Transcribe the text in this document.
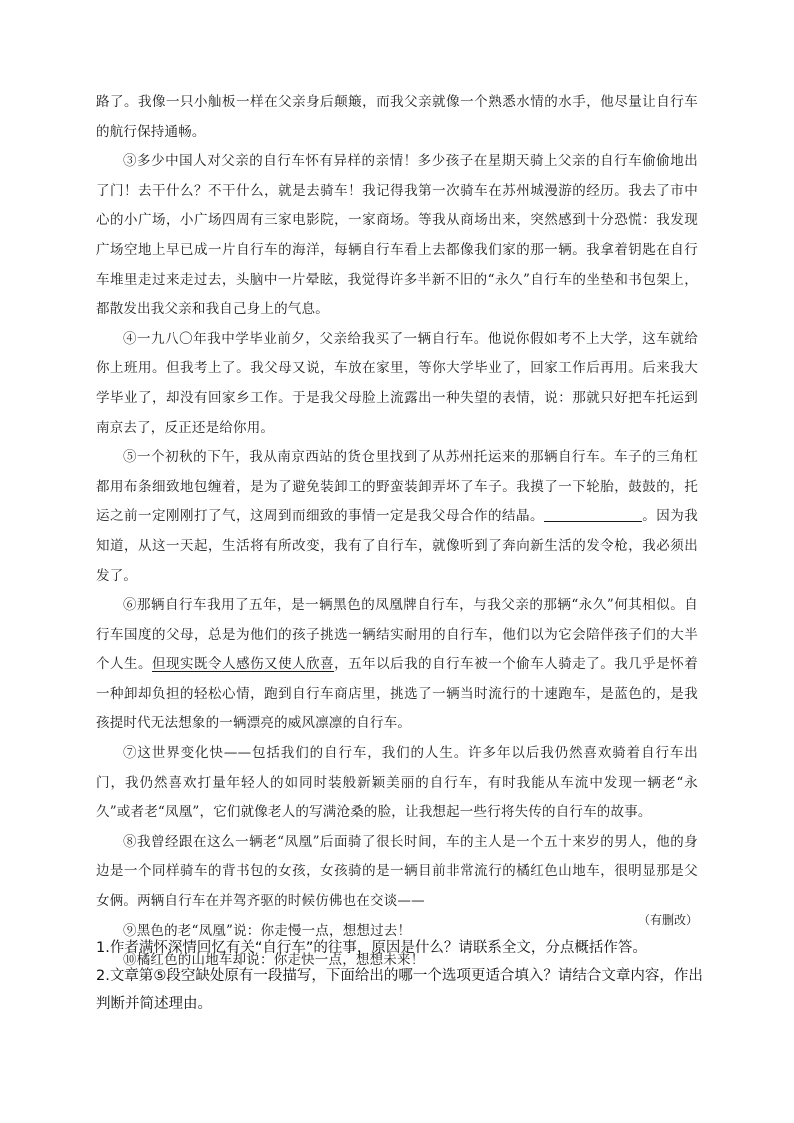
路了。我像一只小舢板一样在父亲身后颠簸，而我父亲就像一个熟悉水情的水手，他尽量让自行车的航行保持通畅。

③多少中国人对父亲的自行车怀有异样的亲情！多少孩子在星期天骑上父亲的自行车偷偷地出了门！去干什么？不干什么，就是去骑车！我记得我第一次骑车在苏州城漫游的经历。我去了市中心的小广场，小广场四周有三家电影院，一家商场。等我从商场出来，突然感到十分恐慌：我发现广场空地上早已成一片自行车的海洋，每辆自行车看上去都像我们家的那一辆。我拿着钥匙在自行车堆里走过来走过去，头脑中一片晕眩，我觉得许多半新不旧的“永久”自行车的坐垫和书包架上，都散发出我父亲和我自己身上的气息。

④一九八〇年我中学毕业前夕，父亲给我买了一辆自行车。他说你假如考不上大学，这车就给你上班用。但我考上了。我父母又说，车放在家里，等你大学毕业了，回家工作后再用。后来我大学毕业了，却没有回家乡工作。于是我父母脸上流露出一种失望的表情，说：那就只好把车托运到南京去了，反正还是给你用。

⑤一个初秋的下午，我从南京西站的货仓里找到了从苏州托运来的那辆自行车。车子的三角杠都用布条细致地包缠着，是为了避免装卸工的野蛮装卸弄坏了车子。我摸了一下轮胎，鼓鼓的，托运之前一定刚刚打了气，这周到而细致的事情一定是我父母合作的结晶。	。因为我知道，从这一天起，生活将有所改变，我有了自行车，就像听到了奔向新生活的发令枪，我必须出发了。

⑥那辆自行车我用了五年，是一辆黑色的凤凰牌自行车，与我父亲的那辆“永久”何其相似。自行车国度的父母，总是为他们的孩子挑选一辆结实耐用的自行车，他们以为它会陪伴孩子们的大半个人生。但现实既令人感伤又使人欣喜，五年以后我的自行车被一个偷车人骑走了。我几乎是怀着一种卸却负担的轻松心情，跑到自行车商店里，挑选了一辆当时流行的十速跑车，是蓝色的，是我孩提时代无法想象的一辆漂亮的威风凛凛的自行车。

⑦这世界变化快——包括我们的自行车，我们的人生。许多年以后我仍然喜欢骑着自行车出门，我仍然喜欢打量年轻人的如同时装般新颖美丽的自行车，有时我能从车流中发现一辆老“永久”或者老“凤凰”，它们就像老人的写满沧桑的脸，让我想起一些行将失传的自行车的故事。

⑧我曾经跟在这么一辆老“凤凰”后面骑了很长时间，车的主人是一个五十来岁的男人，他的身边是一个同样骑车的背书包的女孩，女孩骑的是一辆目前非常流行的橘红色山地车，很明显那是父女俩。两辆自行车在并驾齐驱的时候仿佛也在交谈——

⑨黑色的老“凤凰”说：你走慢一点，想想过去！

⑩橘红色的山地车却说：你走快一点，想想未来！

（有删改）

1.作者满怀深情回忆有关“自行车”的往事，原因是什么？请联系全文，分点概括作答。

2.文章第⑤段空缺处原有一段描写，下面给出的哪一个选项更适合填入？请结合文章内容，作出判断并简述理由。
